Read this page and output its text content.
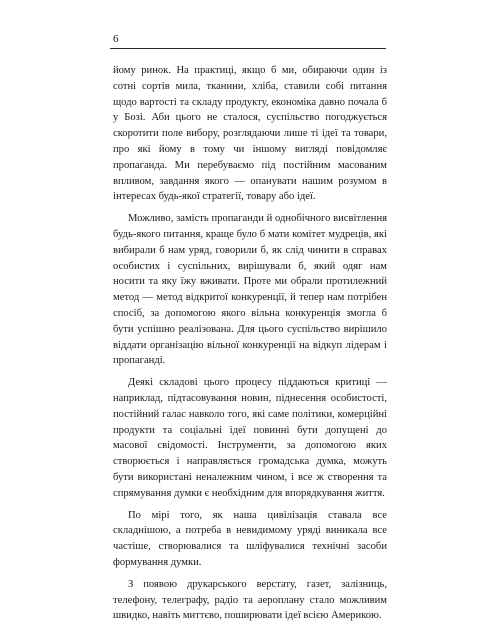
6

йому ринок. На практиці, якщо б ми, обираючи один із сотні сортів мила, тканини, хліба, ставили собі питання щодо вартості та складу продукту, економіка давно почала б у Бозі. Аби цього не сталося, суспільство погоджується скоротити поле вибору, розглядаючи лише ті ідеї та товари, про які йому в тому чи іншому вигляді повідомляє пропаганда. Ми перебуваємо під постійним масованим впливом, завдання якого — опанувати нашим розумом в інтересах будь-якої стратегії, товару або ідеї.

Можливо, замість пропаганди й однобічного висвітлення будь-якого питання, краще було б мати комітет мудреців, які вибирали б нам уряд, говорили б, як слід чинити в справах особистих і суспільних, вирішували б, який одяг нам носити та яку їжу вживати. Проте ми обрали протилежний метод — метод відкритої конкуренції, й тепер нам потрібен спосіб, за допомогою якого вільна конкуренція змогла б бути успішно реалізована. Для цього суспільство вирішило віддати організацію вільної конкуренції на відкуп лідерам і пропаганді.

Деякі складові цього процесу піддаються критиці — наприклад, підтасовування новин, піднесення особистості, постійний галас навколо того, які саме політики, комерційні продукти та соціальні ідеї повинні бути допущені до масової свідомості. Інструменти, за допомогою яких створюється і направляється громадська думка, можуть бути використані неналежним чином, і все ж створення та спрямування думки є необхідним для впорядкування життя.

По мірі того, як наша цивілізація ставала все складнішою, а потреба в невидимому уряді виникала все частіше, створювалися та шліфувалися технічні засоби формування думки.

З появою друкарського верстату, газет, залізниць, телефону, телеграфу, радіо та аероплану стало можливим швидко, навіть миттєво, поширювати ідеї всією Америкою.
